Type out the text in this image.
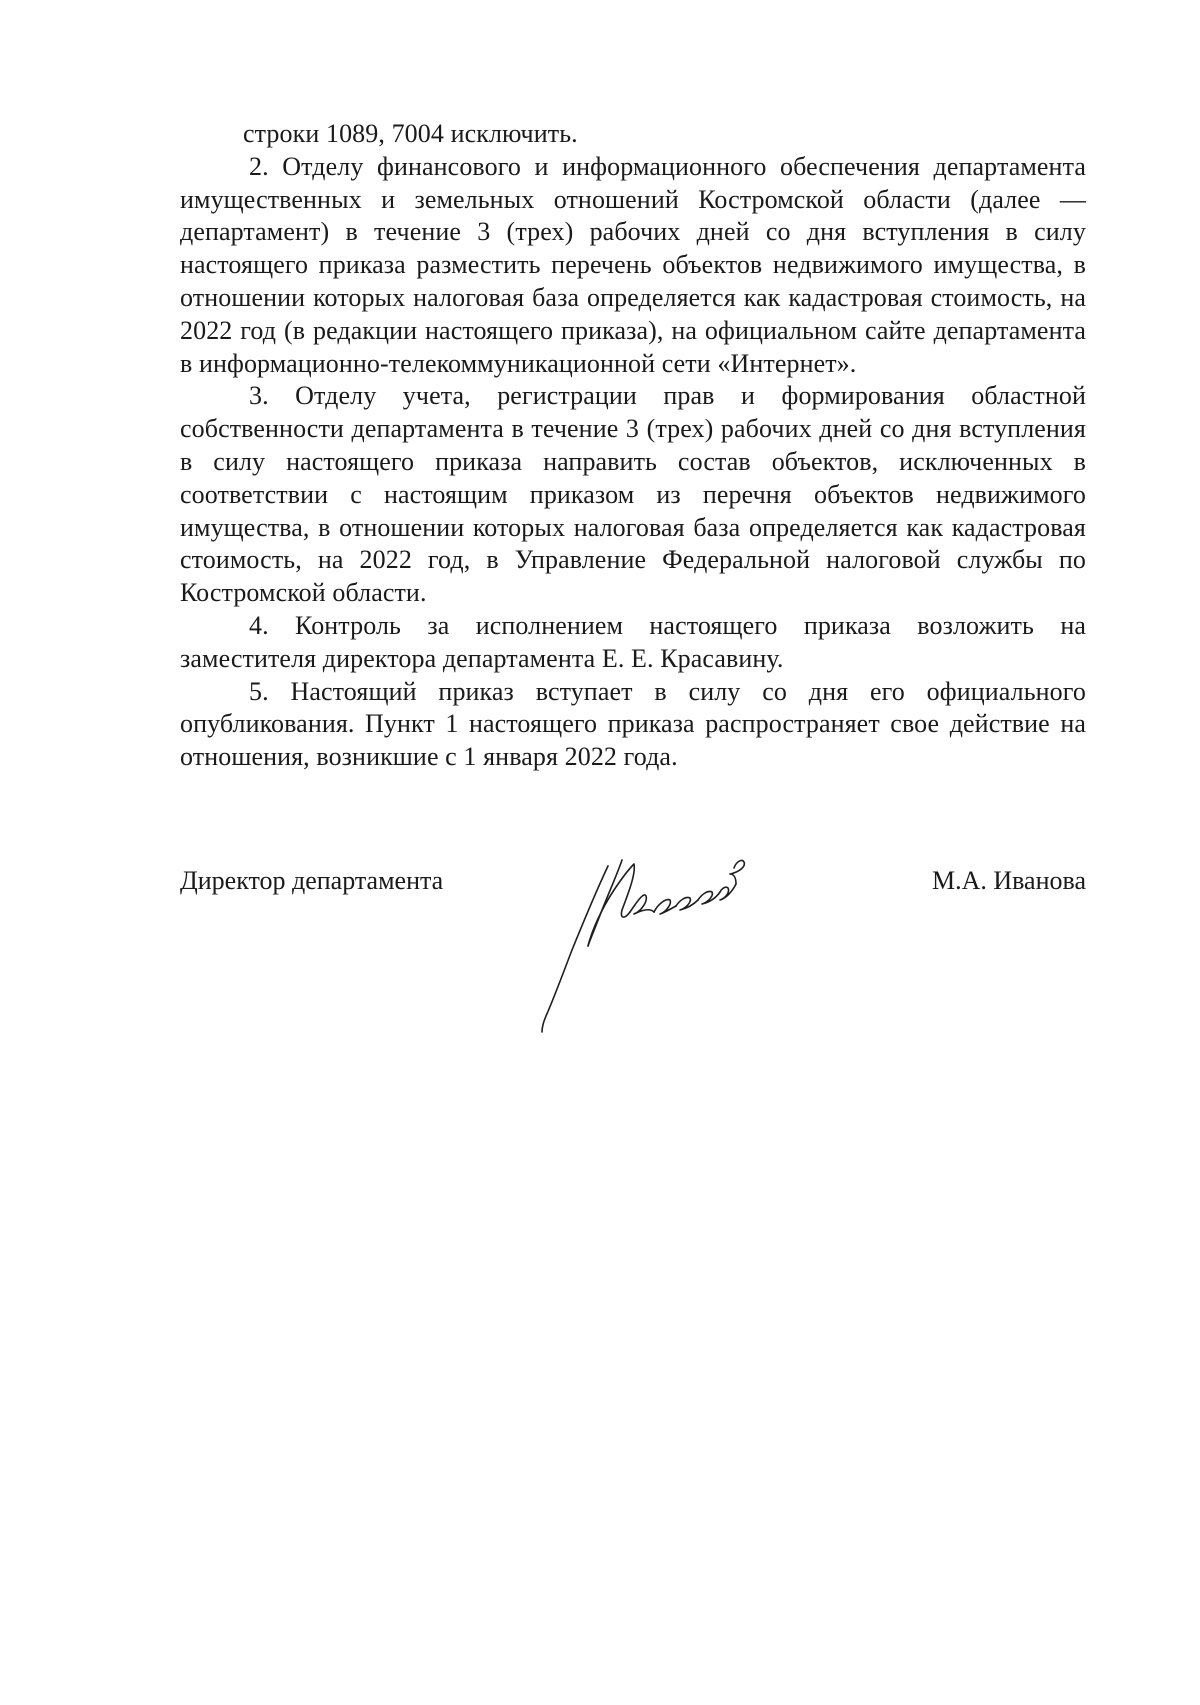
строки 1089, 7004 исключить.

2. Отделу финансового и информационного обеспечения департамента имущественных и земельных отношений Костромской области (далее — департамент) в течение 3 (трех) рабочих дней со дня вступления в силу настоящего приказа разместить перечень объектов недвижимого имущества, в отношении которых налоговая база определяется как кадастровая стоимость, на 2022 год (в редакции настоящего приказа), на официальном сайте департамента в информационно-телекоммуникационной сети «Интернет».

3. Отделу учета, регистрации прав и формирования областной собственности департамента в течение 3 (трех) рабочих дней со дня вступления в силу настоящего приказа направить состав объектов, исключенных в соответствии с настоящим приказом из перечня объектов недвижимого имущества, в отношении которых налоговая база определяется как кадастровая стоимость, на 2022 год, в Управление Федеральной налоговой службы по Костромской области.

4. Контроль за исполнением настоящего приказа возложить на заместителя директора департамента Е. Е. Красавину.

5. Настоящий приказ вступает в силу со дня его официального опубликования. Пункт 1 настоящего приказа распространяет свое действие на отношения, возникшие с 1 января 2022 года.

Директор департамента	М.А. Иванова
